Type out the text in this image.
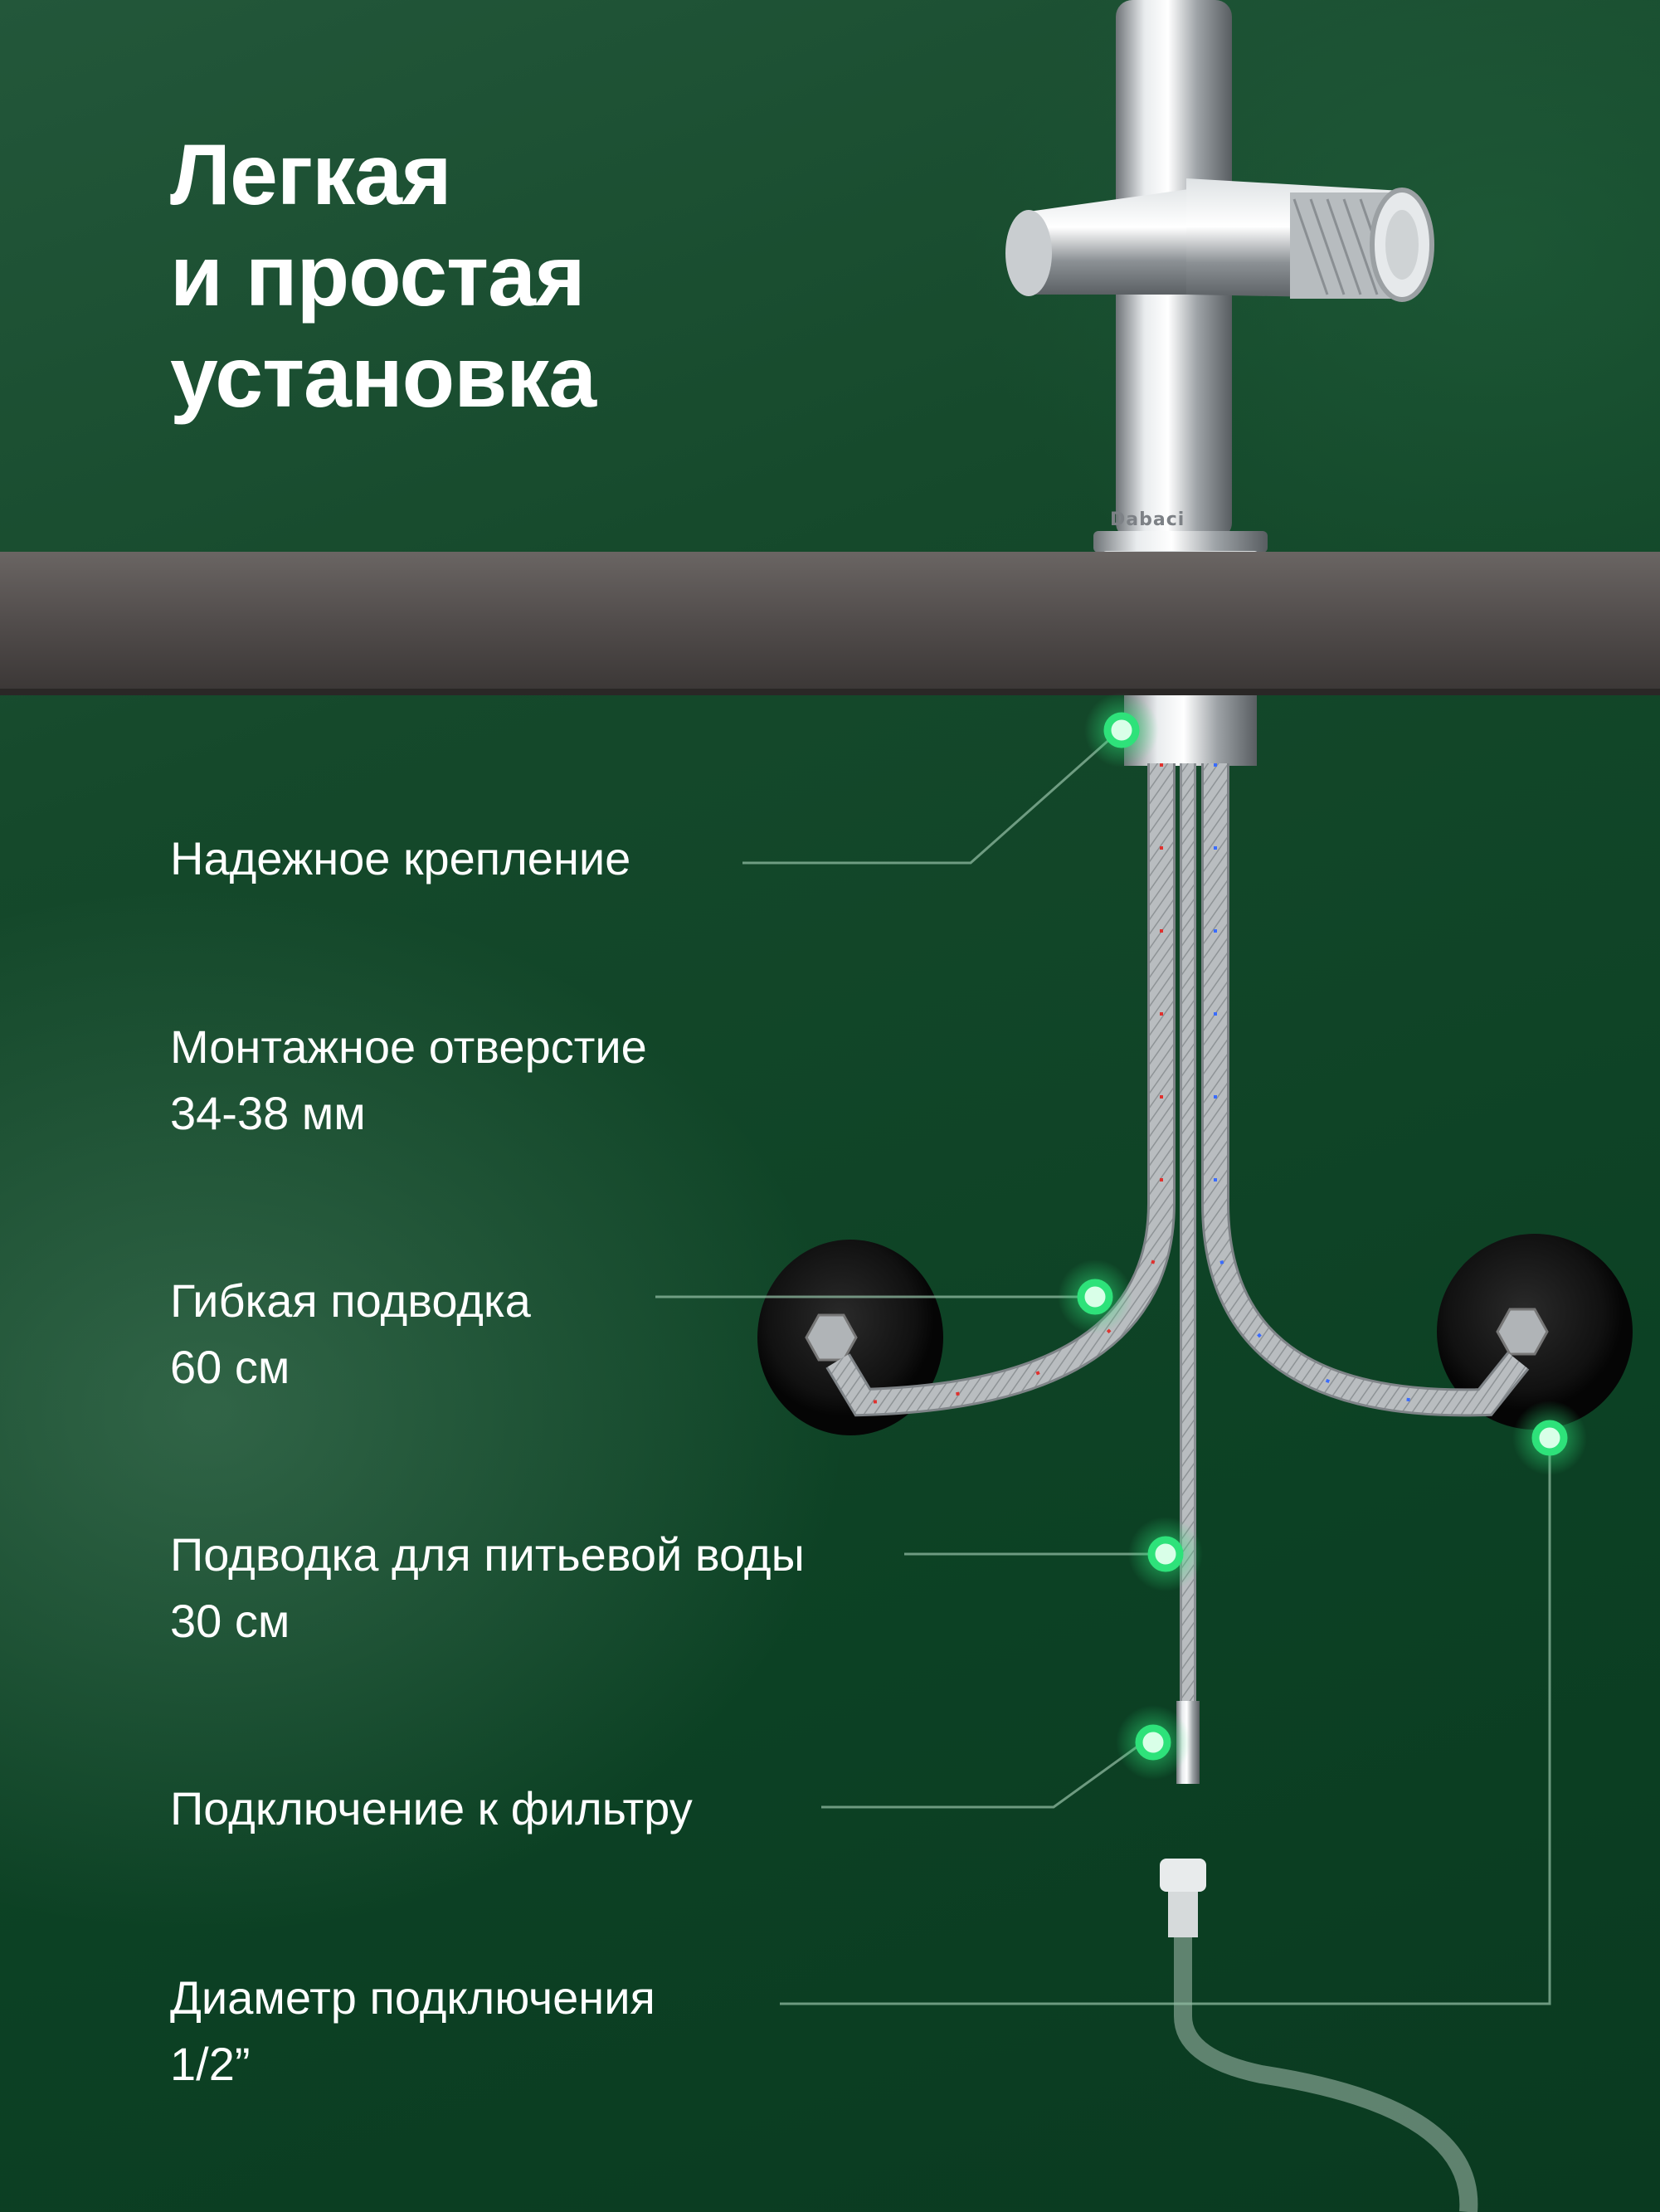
Dabaci
Легкая
и простая
установка
Надежное крепление
Монтажное отверстие
34-38 мм
Гибкая подводка
60 см
Подводка для питьевой воды
30 см
Подключение к фильтру
Диаметр подключения
1/2”
